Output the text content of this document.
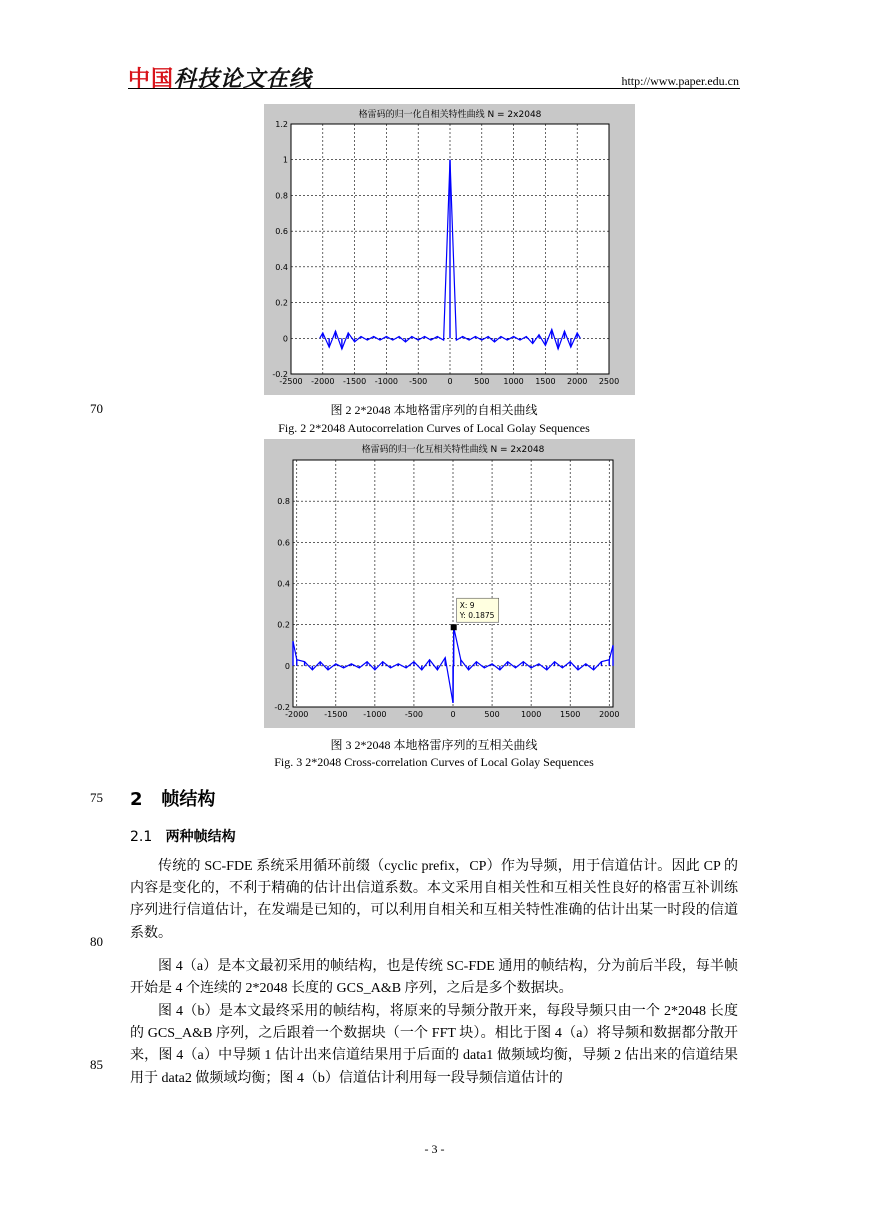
中国科技论文在线	http://www.paper.edu.cn
格雷码的归一化自相关特性曲线 N = 2x2048
-2500 -2000 -1500 -1000 -500	0	500 1000 1500 2000 2500
-0.2
0
0.2
0.4
0.6
0.8
1
1.2
70	图 2 2*2048 本地格雷序列的自相关曲线
Fig. 2 2*2048 Autocorrelation Curves of Local Golay Sequences
格雷码的归一化互相关特性曲线 N = 2x2048
-2000 -1500 -1000 -500	0	500	1000 1500 2000
-0.2
0
0.2
0.4
0.6
0.8
X: 9
Y: 0.1875
图 3 2*2048 本地格雷序列的互相关曲线
Fig. 3 2*2048 Cross-correlation Curves of Local Golay Sequences
75 2 帧结构
2.1 两种帧结构
传统的 SC-FDE 系统采用循环前缀（cyclic prefix，CP）作为导频，用于信道估计。因此 CP 的内容是变化的，不利于精确的估计出信道系数。本文采用自相关性和互相关性良好的格雷互补训练序列进行信道估计，在发端是已知的，可以利用自相关和互相关特性准确的估计出某一时段的信道系数。
80
图 4（a）是本文最初采用的帧结构，也是传统 SC-FDE 通用的帧结构，分为前后半段，每半帧开始是 4 个连续的 2*2048 长度的 GCS_A&B 序列，之后是多个数据块。
图 4（b）是本文最终采用的帧结构，将原来的导频分散开来，每段导频只由一个 2*2048 长度的 GCS_A&B 序列，之后跟着一个数据块（一个 FFT 块）。相比于图 4（a）将导频和数据都分散开来，图 4（a）中导频 1 估计出来信道结果用于后面的 data1 做频域均衡，导频 2 估出来的信道结果用于 data2 做频域均衡；图 4（b）信道估计利用每一段导频信道估计的
85
- 3 -
